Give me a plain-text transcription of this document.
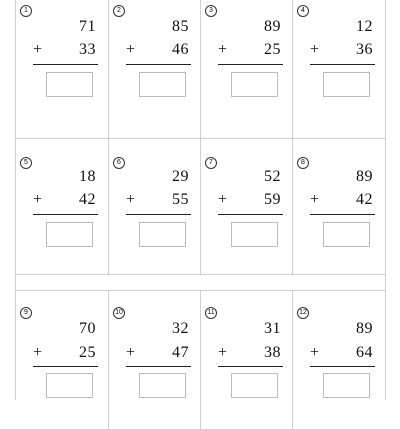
1
71
+ 33
2
85
+ 46
3
89
+ 25
4
12
+ 36
5
18
+ 42
6
29
+ 55
7
52
+ 59
8
89
+ 42
9
70
+ 25
10
32
+ 47
11
31
+ 38
12
89
+ 64
